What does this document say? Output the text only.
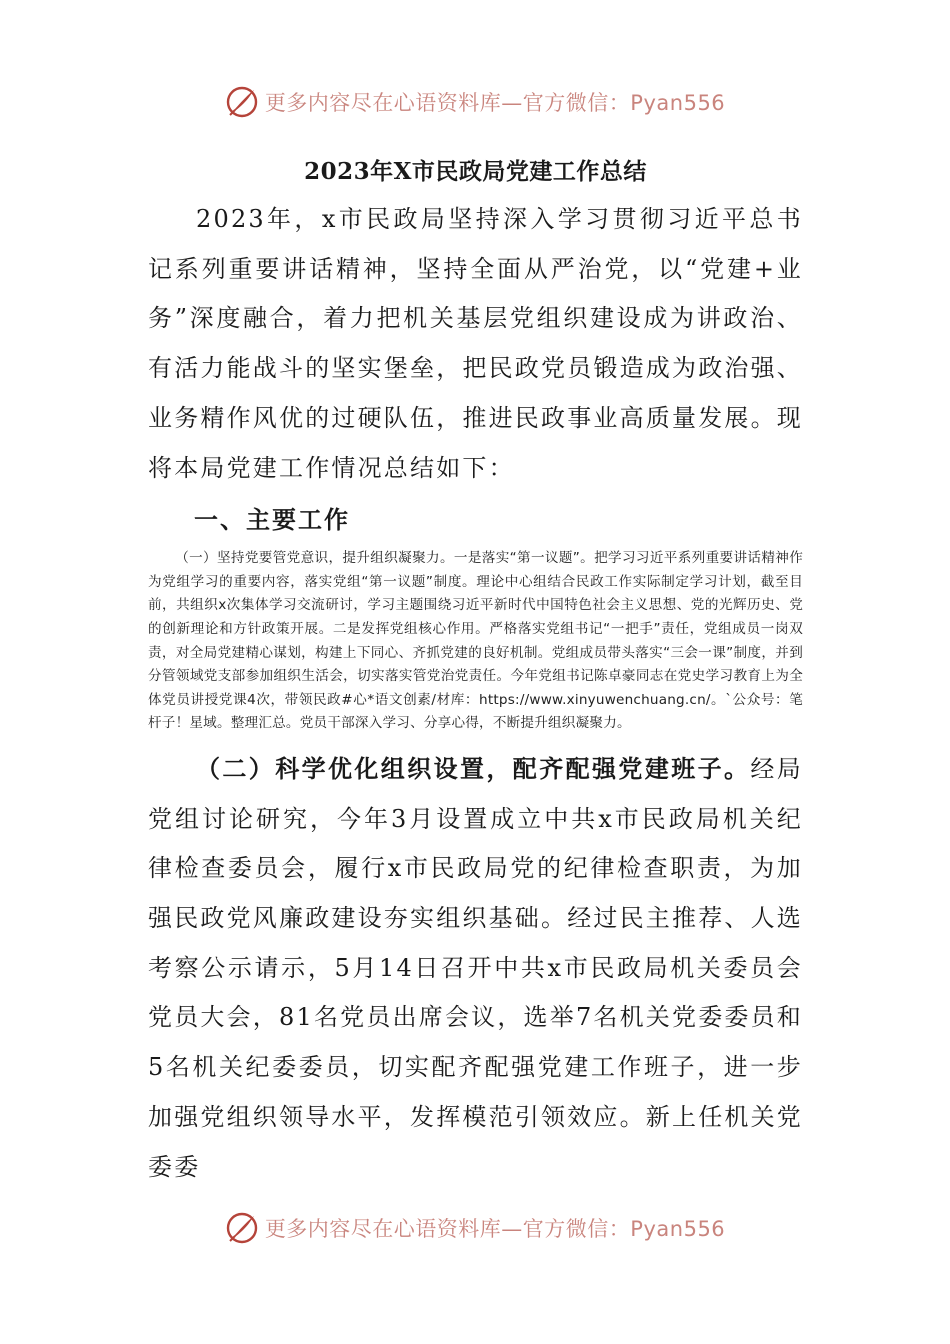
更多内容尽在心语资料库—官方微信：Pyan556
2023年X市民政局党建工作总结

2023年，x市民政局坚持深入学习贯彻习近平总书记系列重要讲话精神，坚持全面从严治党，以“党建+业务”深度融合，着力把机关基层党组织建设成为讲政治、有活力能战斗的坚实堡垒，把民政党员锻造成为政治强、业务精作风优的过硬队伍，推进民政事业高质量发展。现将本局党建工作情况总结如下：

一、主要工作

（一）坚持党要管党意识，提升组织凝聚力。一是落实“第一议题”。把学习习近平系列重要讲话精神作为党组学习的重要内容，落实党组“第一议题”制度。理论中心组结合民政工作实际制定学习计划，截至目前，共组织x次集体学习交流研讨，学习主题围绕习近平新时代中国特色社会主义思想、党的光辉历史、党的创新理论和方针政策开展。二是发挥党组核心作用。严格落实党组书记“一把手”责任，党组成员一岗双责，对全局党建精心谋划，构建上下同心、齐抓党建的良好机制。党组成员带头落实“三会一课”制度，并到分管领域党支部参加组织生活会，切实落实管党治党责任。今年党组书记陈卓豪同志在党史学习教育上为全体党员讲授党课4次，带领民政#心*语文创素/材库：https://www.xinyuwenchuang.cn/。`公众号：笔杆子！星域。整理汇总。党员干部深入学习、分享心得，不断提升组织凝聚力。

（二）科学优化组织设置，配齐配强党建班子。经局党组讨论研究，今年3月设置成立中共x市民政局机关纪律检查委员会，履行x市民政局党的纪律检查职责，为加强民政党风廉政建设夯实组织基础。经过民主推荐、人选考察公示请示，5月14日召开中共x市民政局机关委员会党员大会，81名党员出席会议，选举7名机关党委委员和5名机关纪委委员，切实配齐配强党建工作班子，进一步加强党组织领导水平，发挥模范引领效应。新上任机关党委委

更多内容尽在心语资料库—官方微信：Pyan556
